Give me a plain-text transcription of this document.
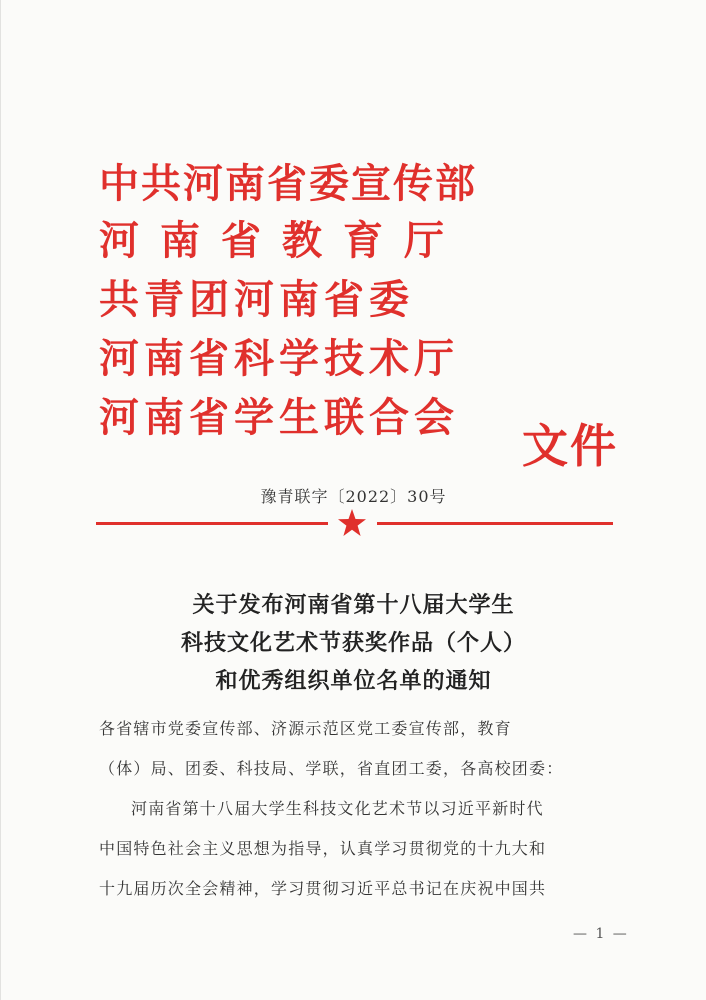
中共河南省委宣传部
河南省教育厅
共青团河南省委
河南省科学技术厅
河南省学生联合会
文件
豫青联字〔2022〕30号
关于发布河南省第十八届大学生
科技文化艺术节获奖作品（个人）
和优秀组织单位名单的通知
各省辖市党委宣传部、济源示范区党工委宣传部，教育
（体）局、团委、科技局、学联，省直团工委，各高校团委：
河南省第十八届大学生科技文化艺术节以习近平新时代
中国特色社会主义思想为指导，认真学习贯彻党的十九大和
十九届历次全会精神，学习贯彻习近平总书记在庆祝中国共
— 1 —
